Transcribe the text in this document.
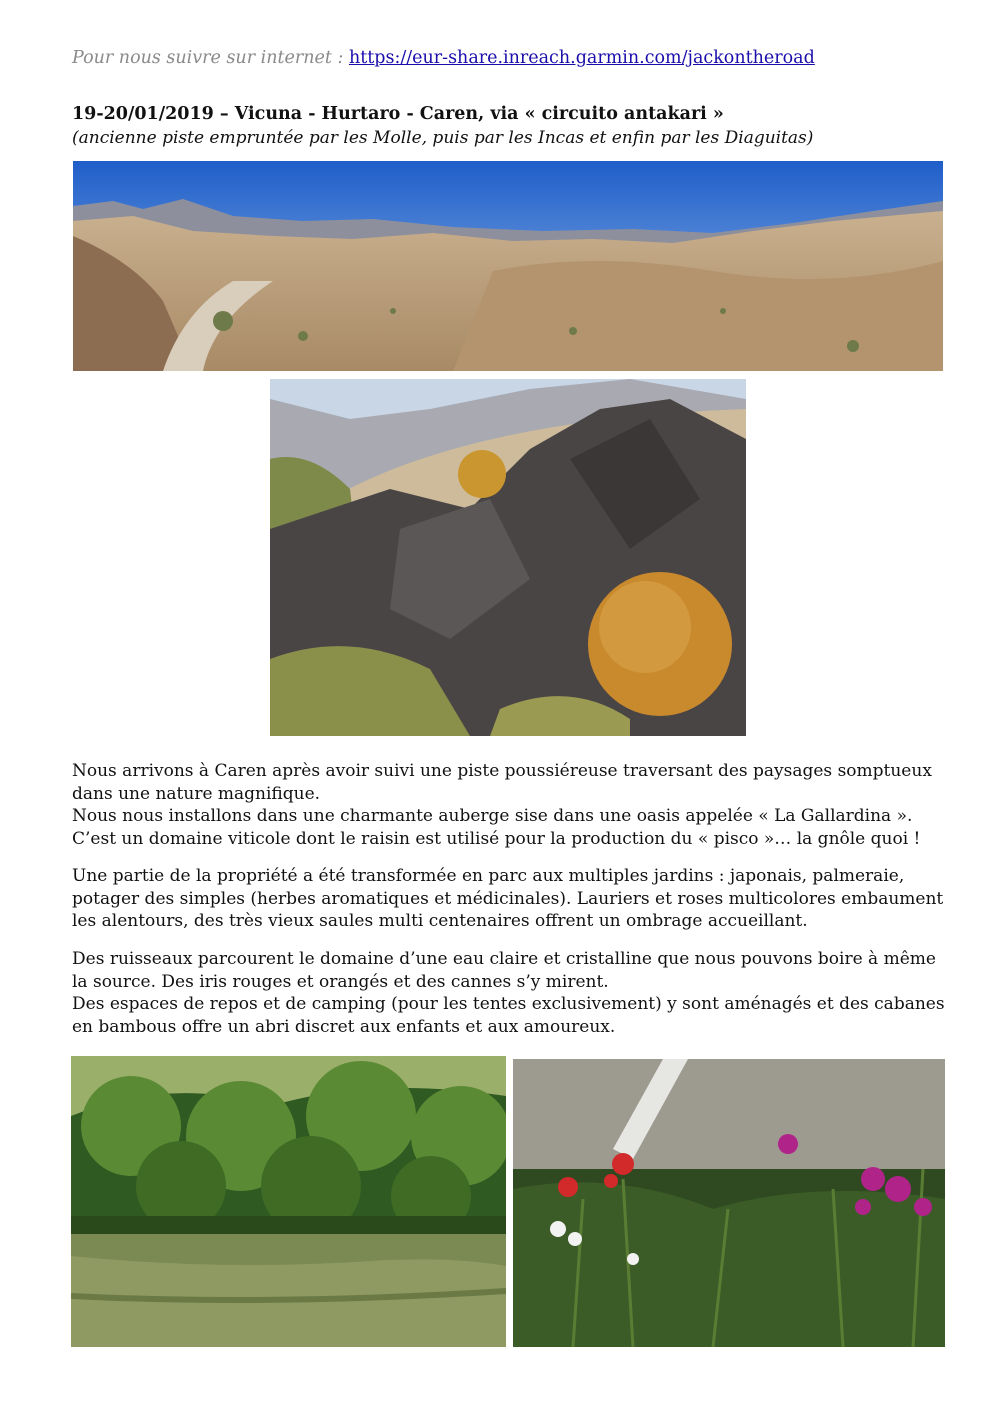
Pour nous suivre sur internet : https://eur-share.inreach.garmin.com/jackontheroad
19-20/01/2019 – Vicuna - Hurtaro - Caren, via « circuito antakari »
(ancienne piste empruntée par les Molle, puis par les Incas et enfin par les Diaguitas)

Nous arrivons à Caren après avoir suivi une piste poussiéreuse traversant des paysages somptueux dans une nature magnifique.

Nous nous installons dans une charmante auberge sise dans une oasis appelée « La Gallardina ».

C’est un domaine viticole dont le raisin est utilisé pour la production du « pisco »… la gnôle quoi !

Une partie de la propriété a été transformée en parc aux multiples jardins : japonais, palmeraie, potager des simples (herbes aromatiques et médicinales). Lauriers et roses multicolores embaument les alentours, des très vieux saules multi centenaires offrent un ombrage accueillant.

Des ruisseaux parcourent le domaine d’une eau claire et cristalline que nous pouvons boire à même la source. Des iris rouges et orangés et des cannes s’y mirent.

Des espaces de repos et de camping (pour les tentes exclusivement) y sont aménagés et des cabanes en bambous offre un abri discret aux enfants et aux amoureux.
